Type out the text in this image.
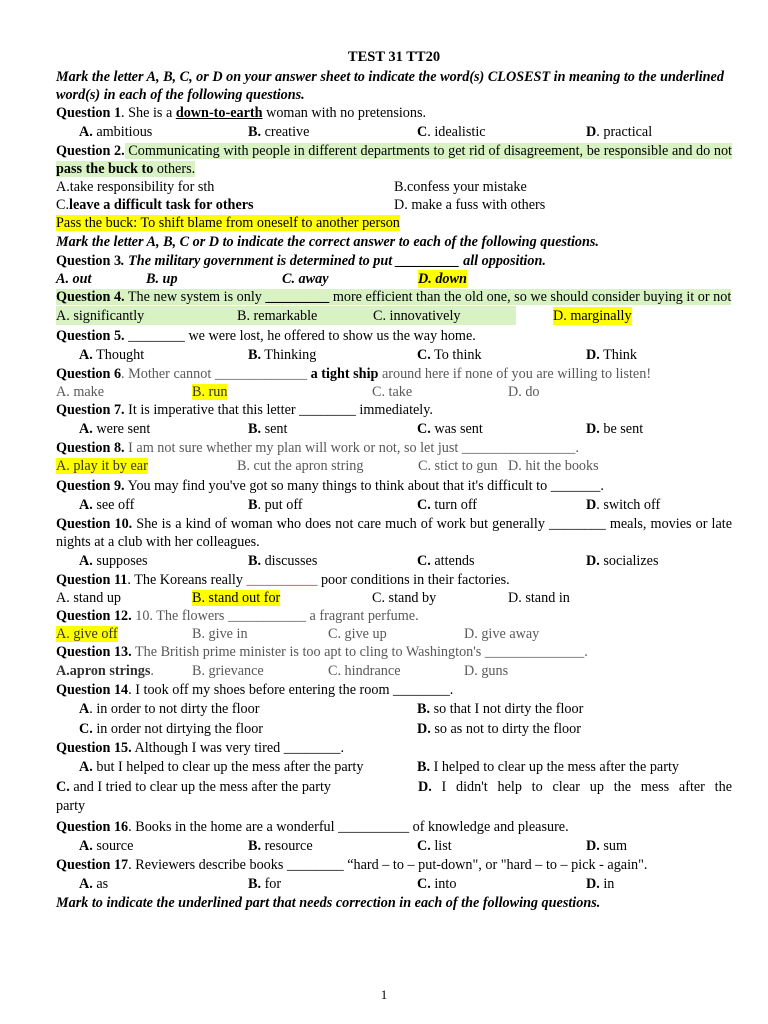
TEST 31 TT20
Mark the letter A, B, C, or D on your answer sheet to indicate the word(s) CLOSEST in meaning to the underlined word(s) in each of the following questions.
Question 1. She is a down-to-earth woman with no pretensions.
A. ambitious	B. creative	C. idealistic	D. practical
Question 2. Communicating with people in different departments to get rid of disagreement, be responsible and do not pass the buck to others.
A.take responsibility for sth	B.confess your mistake
C.leave a difficult task for others	D. make a fuss with others
Pass the buck: To shift blame from oneself to another person
Mark the letter A, B, C or D to indicate the correct answer to each of the following questions.
Question 3. The military government is determined to put _________ all opposition.
A. out	B. up	C. away	D. down
Question 4. The new system is only _________ more efficient than the old one, so we should consider buying it or not
A. significantly	B. remarkable	C. innovatively	D. marginally
Question 5. ________ we were lost, he offered to show us the way home.
A. Thought	B. Thinking	C. To think	D. Think
Question 6. Mother cannot _____________ a tight ship around here if none of you are willing to listen!
A. make	B. run	C. take	D. do
Question 7. It is imperative that this letter ________ immediately.
A. were sent	B. sent	C. was sent	D. be sent
Question 8. I am not sure whether my plan will work or not, so let just ________________.
A. play it by ear	B. cut the apron string	C. stict to gun D. hit the books
Question 9. You may find you've got so many things to think about that it's difficult to _______.
A. see off	B. put off	C. turn off	D. switch off
Question 10. She is a kind of woman who does not care much of work but generally ________ meals, movies or late nights at a club with her colleagues.
A. supposes	B. discusses	C. attends	D. socializes
Question 11. The Koreans really __________ poor conditions in their factories.
A. stand up	B. stand out for	C. stand by	D. stand in
Question 12. 10. The flowers ___________ a fragrant perfume.
A. give off	B. give in	C. give up	D. give away
Question 13. The British prime minister is too apt to cling to Washington's ______________.
A.apron strings.	B. grievance	C. hindrance	D. guns
Question 14. I took off my shoes before entering the room ________.
A. in order to not dirty the floor	B. so that I not dirty the floor
C. in order not dirtying the floor	D. so as not to dirty the floor
Question 15. Although I was very tired ________.
A. but I helped to clear up the mess after the party	B. I helped to clear up the mess after the party
C. and I tried to clear up the mess after the party	D. I didn't help to clear up the mess after the
party
Question 16. Books in the home are a wonderful __________ of knowledge and pleasure.
A. source	B. resource	C. list	D. sum
Question 17. Reviewers describe books ________ “hard – to – put-down", or "hard – to – pick - again".
A. as	B. for	C. into	D. in
Mark to indicate the underlined part that needs correction in each of the following questions.
1
